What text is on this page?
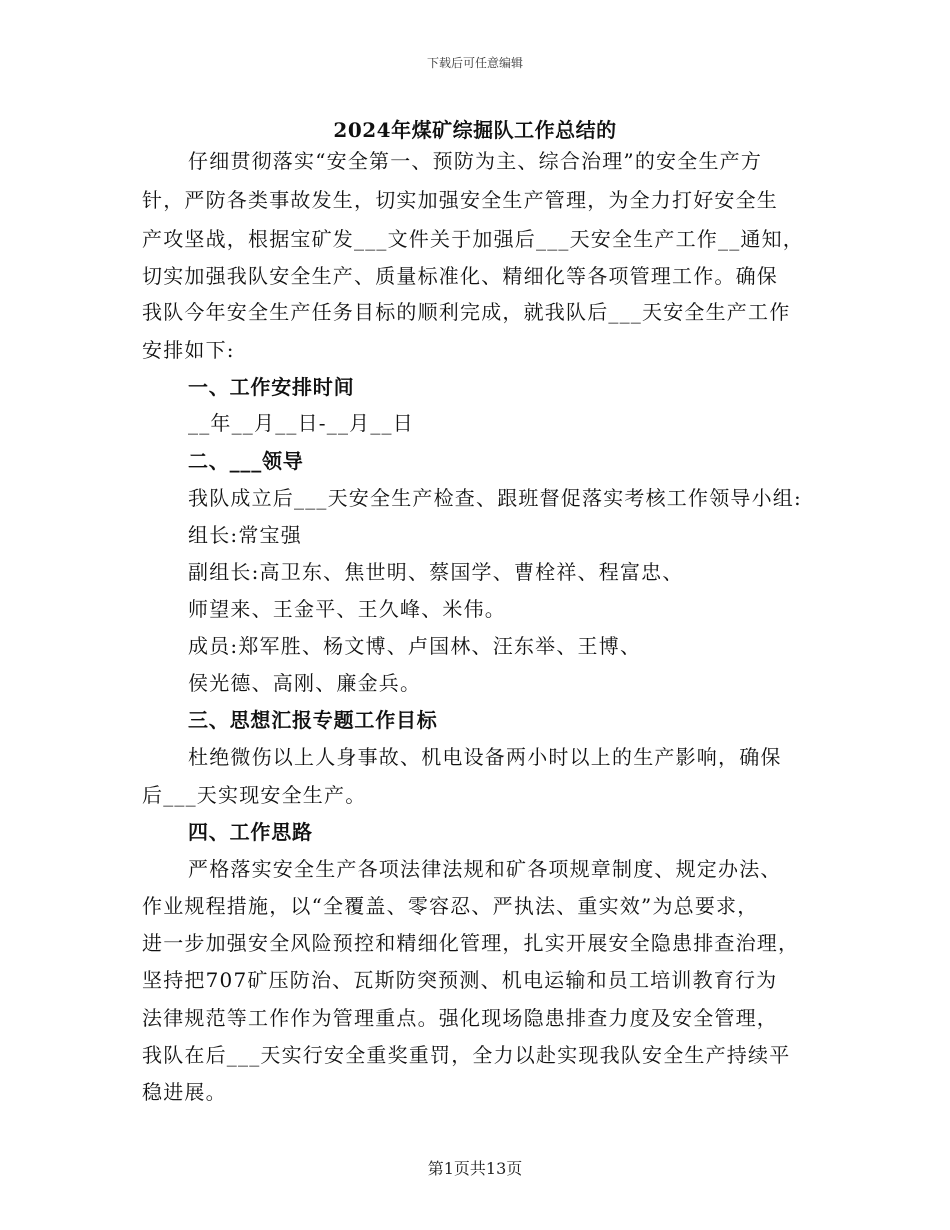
下载后可任意编辑
2024年煤矿综掘队工作总结的
仔细贯彻落实“安全第一、预防为主、综合治理”的安全生产方
针，严防各类事故发生，切实加强安全生产管理，为全力打好安全生
产攻坚战，根据宝矿发___文件关于加强后___天安全生产工作__通知，
切实加强我队安全生产、质量标准化、精细化等各项管理工作。确保
我队今年安全生产任务目标的顺利完成，就我队后___天安全生产工作
安排如下:
一、工作安排时间
__年__月__日-__月__日
二、___领导
我队成立后___天安全生产检查、跟班督促落实考核工作领导小组:
组长:常宝强
副组长:高卫东、焦世明、蔡国学、曹栓祥、程富忠、
师望来、王金平、王久峰、米伟。
成员:郑军胜、杨文博、卢国林、汪东举、王博、
侯光德、高刚、廉金兵。
三、思想汇报专题工作目标
杜绝微伤以上人身事故、机电设备两小时以上的生产影响，确保
后___天实现安全生产。
四、工作思路
严格落实安全生产各项法律法规和矿各项规章制度、规定办法、
作业规程措施，以“全覆盖、零容忍、严执法、重实效”为总要求，
进一步加强安全风险预控和精细化管理，扎实开展安全隐患排查治理，
坚持把707矿压防治、瓦斯防突预测、机电运输和员工培训教育行为
法律规范等工作作为管理重点。强化现场隐患排查力度及安全管理，
我队在后___天实行安全重奖重罚，全力以赴实现我队安全生产持续平
稳进展。
第1页共13页
